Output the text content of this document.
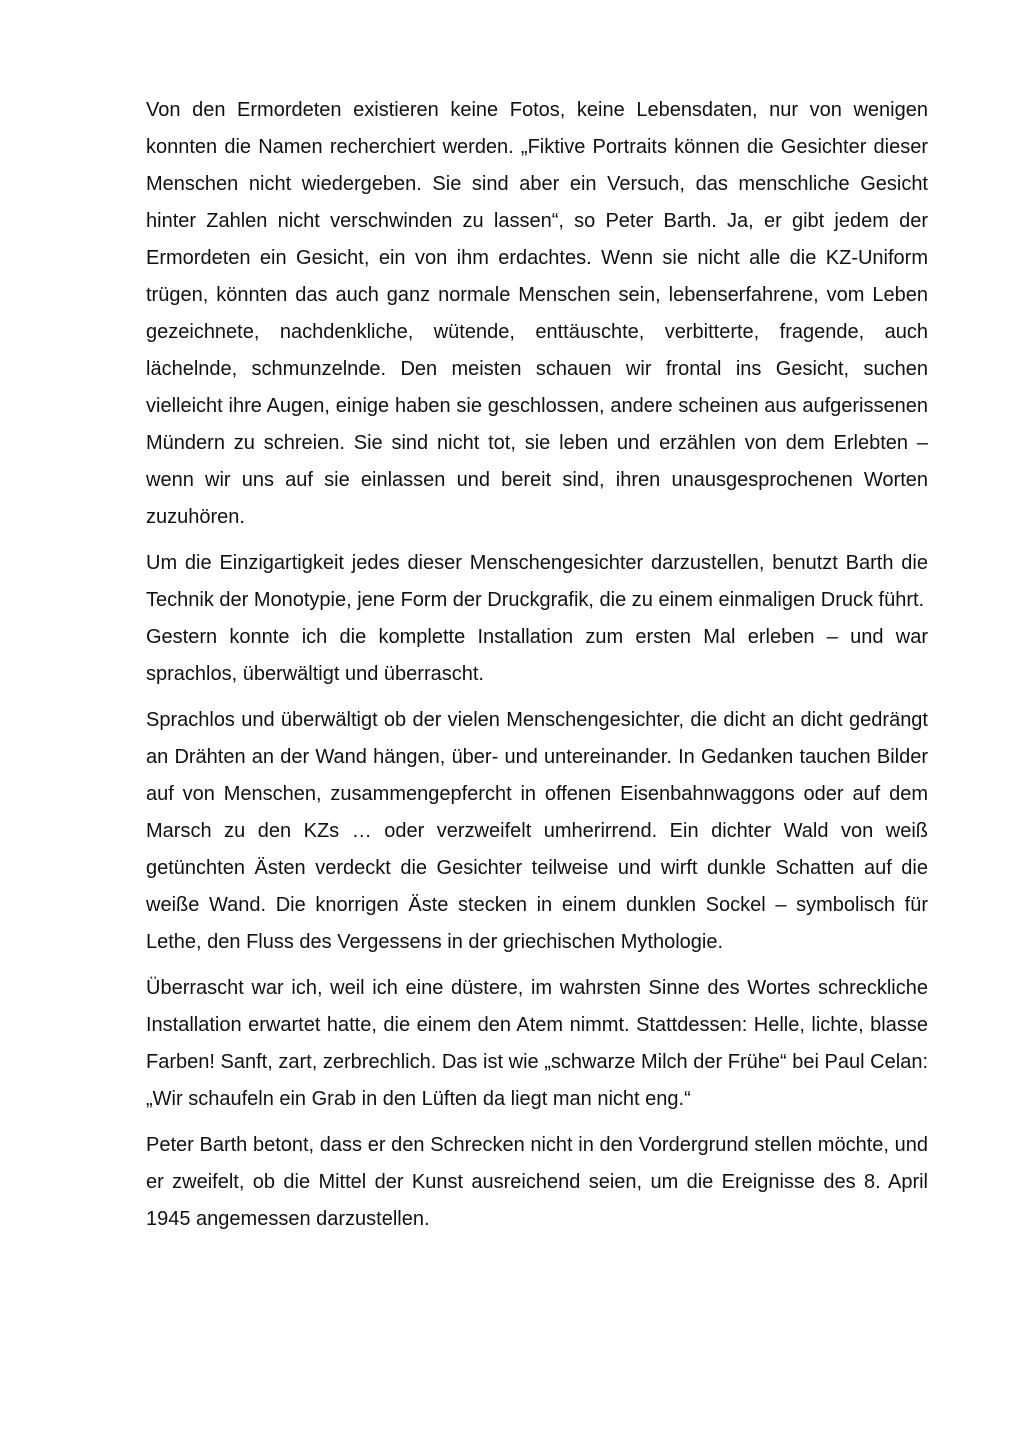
Von den Ermordeten existieren keine Fotos, keine Lebensdaten, nur von wenigen konnten die Namen recherchiert werden. „Fiktive Portraits können die Gesichter dieser Menschen nicht wiedergeben. Sie sind aber ein Versuch, das menschliche Gesicht hinter Zahlen nicht verschwinden zu lassen“, so Peter Barth. Ja, er gibt jedem der Ermordeten ein Gesicht, ein von ihm erdachtes. Wenn sie nicht alle die KZ-Uniform trügen, könnten das auch ganz normale Menschen sein, lebenserfahrene, vom Leben gezeichnete, nachdenkliche, wütende, enttäuschte, verbitterte, fragende, auch lächelnde, schmunzelnde. Den meisten schauen wir frontal ins Gesicht, suchen vielleicht ihre Augen, einige haben sie geschlossen, andere scheinen aus aufgerissenen Mündern zu schreien. Sie sind nicht tot, sie leben und erzählen von dem Erlebten – wenn wir uns auf sie einlassen und bereit sind, ihren unausgesprochenen Worten zuzuhören.

Um die Einzigartigkeit jedes dieser Menschengesichter darzustellen, benutzt Barth die Technik der Monotypie, jene Form der Druckgrafik, die zu einem einmaligen Druck führt.

Gestern konnte ich die komplette Installation zum ersten Mal erleben – und war sprachlos, überwältigt und überrascht.

Sprachlos und überwältigt ob der vielen Menschengesichter, die dicht an dicht gedrängt an Drähten an der Wand hängen, über- und untereinander. In Gedanken tauchen Bilder auf von Menschen, zusammengepfercht in offenen Eisenbahnwaggons oder auf dem Marsch zu den KZs … oder verzweifelt umherirrend. Ein dichter Wald von weiß getünchten Ästen verdeckt die Gesichter teilweise und wirft dunkle Schatten auf die weiße Wand. Die knorrigen Äste stecken in einem dunklen Sockel – symbolisch für Lethe, den Fluss des Vergessens in der griechischen Mythologie.

Überrascht war ich, weil ich eine düstere, im wahrsten Sinne des Wortes schreckliche Installation erwartet hatte, die einem den Atem nimmt. Stattdessen: Helle, lichte, blasse Farben! Sanft, zart, zerbrechlich. Das ist wie „schwarze Milch der Frühe“ bei Paul Celan: „Wir schaufeln ein Grab in den Lüften da liegt man nicht eng.“

Peter Barth betont, dass er den Schrecken nicht in den Vordergrund stellen möchte, und er zweifelt, ob die Mittel der Kunst ausreichend seien, um die Ereignisse des 8. April 1945 angemessen darzustellen.
